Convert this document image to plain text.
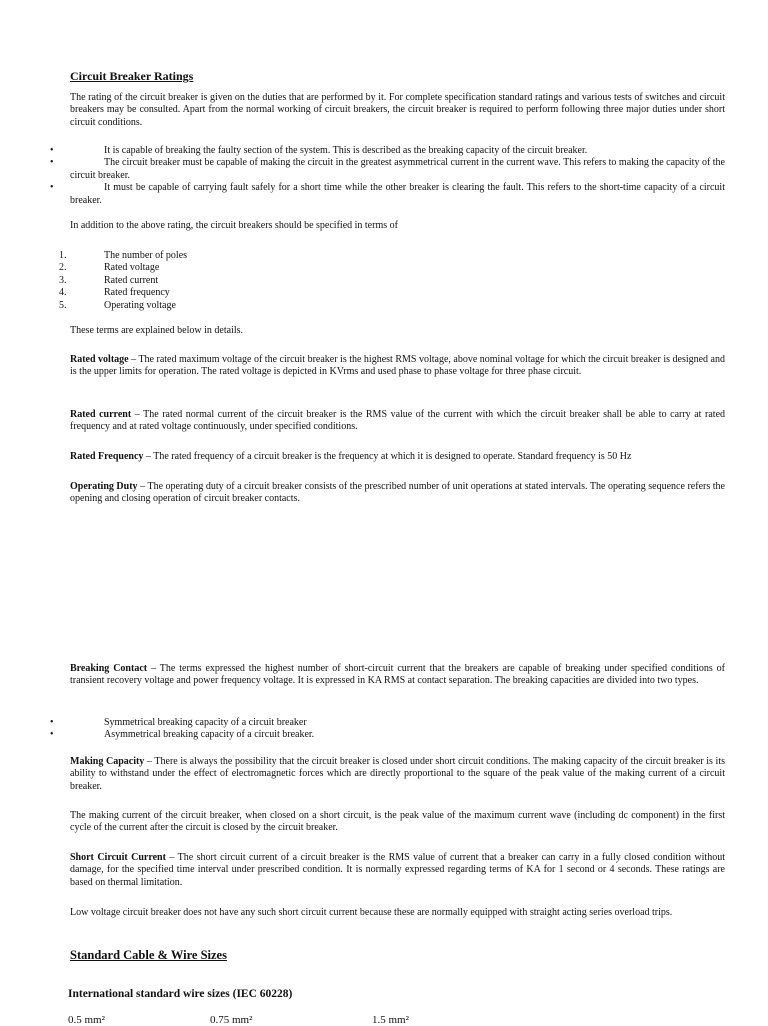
Circuit Breaker Ratings
The rating of the circuit breaker is given on the duties that are performed by it. For complete specification standard ratings and various tests of switches and circuit breakers may be consulted. Apart from the normal working of circuit breakers, the circuit breaker is required to perform following three major duties under short circuit conditions.
•	It is capable of breaking the faulty section of the system. This is described as the breaking capacity of the circuit breaker.
•	The circuit breaker must be capable of making the circuit in the greatest asymmetrical current in the current wave. This refers to making the capacity of the circuit breaker.
•	It must be capable of carrying fault safely for a short time while the other breaker is clearing the fault. This refers to the short-time capacity of a circuit breaker.
In addition to the above rating, the circuit breakers should be specified in terms of
1.	The number of poles
2.	Rated voltage
3.	Rated current
4.	Rated frequency
5.	Operating voltage
These terms are explained below in details.
Rated voltage – The rated maximum voltage of the circuit breaker is the highest RMS voltage, above nominal voltage for which the circuit breaker is designed and is the upper limits for operation. The rated voltage is depicted in KVrms and used phase to phase voltage for three phase circuit.
Rated current – The rated normal current of the circuit breaker is the RMS value of the current with which the circuit breaker shall be able to carry at rated frequency and at rated voltage continuously, under specified conditions.
Rated Frequency – The rated frequency of a circuit breaker is the frequency at which it is designed to operate. Standard frequency is 50 Hz
Operating Duty – The operating duty of a circuit breaker consists of the prescribed number of unit operations at stated intervals. The operating sequence refers the opening and closing operation of circuit breaker contacts.
Breaking Contact – The terms expressed the highest number of short-circuit current that the breakers are capable of breaking under specified conditions of transient recovery voltage and power frequency voltage. It is expressed in KA RMS at contact separation. The breaking capacities are divided into two types.
•	Symmetrical breaking capacity of a circuit breaker
•	Asymmetrical breaking capacity of a circuit breaker.
Making Capacity – There is always the possibility that the circuit breaker is closed under short circuit conditions. The making capacity of the circuit breaker is its ability to withstand under the effect of electromagnetic forces which are directly proportional to the square of the peak value of the making current of a circuit breaker.
The making current of the circuit breaker, when closed on a short circuit, is the peak value of the maximum current wave (including dc component) in the first cycle of the current after the circuit is closed by the circuit breaker.
Short Circuit Current – The short circuit current of a circuit breaker is the RMS value of current that a breaker can carry in a fully closed condition without damage, for the specified time interval under prescribed condition. It is normally expressed regarding terms of KA for 1 second or 4 seconds. These ratings are based on thermal limitation.
Low voltage circuit breaker does not have any such short circuit current because these are normally equipped with straight acting series overload trips.
Standard Cable & Wire Sizes
International standard wire sizes (IEC 60228)
0.5 mm²	0.75 mm²	1.5 mm²
